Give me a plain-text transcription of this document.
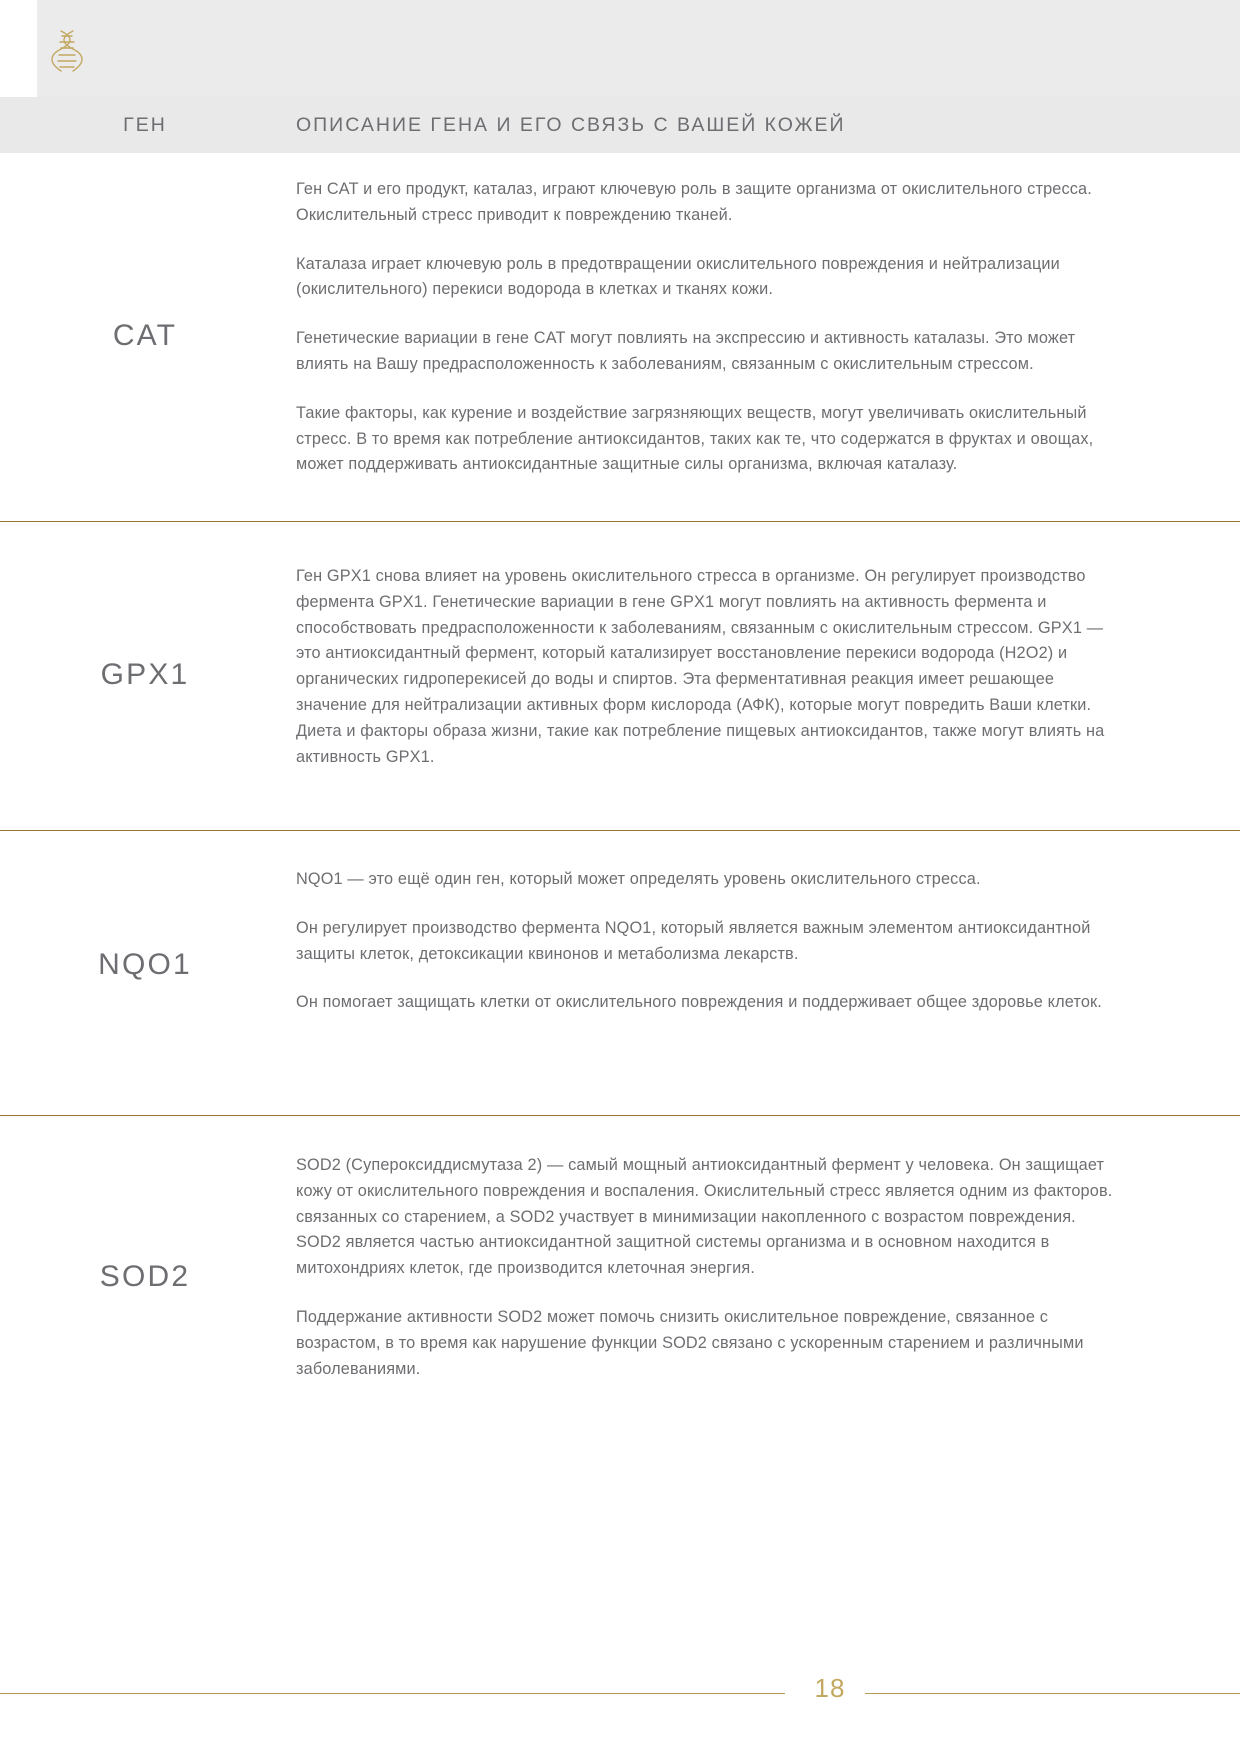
ГЕН	ОПИСАНИЕ ГЕНА И ЕГО СВЯЗЬ С ВАШЕЙ КОЖЕЙ
CAT

Ген CAT и его продукт, каталаз, играют ключевую роль в защите организма от окислительного стресса. Окислительный стресс приводит к повреждению тканей.

Каталаза играет ключевую роль в предотвращении окислительного повреждения и нейтрализации (окислительного) перекиси водорода в клетках и тканях кожи.

Генетические вариации в гене CAT могут повлиять на экспрессию и активность каталазы. Это может влиять на Вашу предрасположенность к заболеваниям, связанным с окислительным стрессом.

Такие факторы, как курение и воздействие загрязняющих веществ, могут увеличивать окислительный стресс. В то время как потребление антиоксидантов, таких как те, что содержатся в фруктах и овощах, может поддерживать антиоксидантные защитные силы организма, включая каталазу.

GPX1

Ген GPX1 снова влияет на уровень окислительного стресса в организме. Он регулирует производство фермента GPX1. Генетические вариации в гене GPX1 могут повлиять на активность фермента и способствовать предрасположенности к заболеваниям, связанным с окислительным стрессом. GPX1 — это антиоксидантный фермент, который катализирует восстановление перекиси водорода (H2O2) и органических гидроперекисей до воды и спиртов. Эта ферментативная реакция имеет решающее значение для нейтрализации активных форм кислорода (АФК), которые могут повредить Ваши клетки. Диета и факторы образа жизни, такие как потребление пищевых антиоксидантов, также могут влиять на активность GPX1.

NQO1

NQO1 — это ещё один ген, который может определять уровень окислительного стресса.

Он регулирует производство фермента NQO1, который является важным элементом антиоксидантной защиты клеток, детоксикации квинонов и метаболизма лекарств.

Он помогает защищать клетки от окислительного повреждения и поддерживает общее здоровье клеток.

SOD2

SOD2 (Супероксиддисмутаза 2) — самый мощный антиоксидантный фермент у человека. Он защищает кожу от окислительного повреждения и воспаления. Окислительный стресс является одним из факторов. связанных со старением, а SOD2 участвует в минимизации накопленного с возрастом повреждения. SOD2 является частью антиоксидантной защитной системы организма и в основном находится в митохондриях клеток, где производится клеточная энергия.

Поддержание активности SOD2 может помочь снизить окислительное повреждение, связанное с возрастом, в то время как нарушение функции SOD2 связано с ускоренным старением и различными заболеваниями.

18
